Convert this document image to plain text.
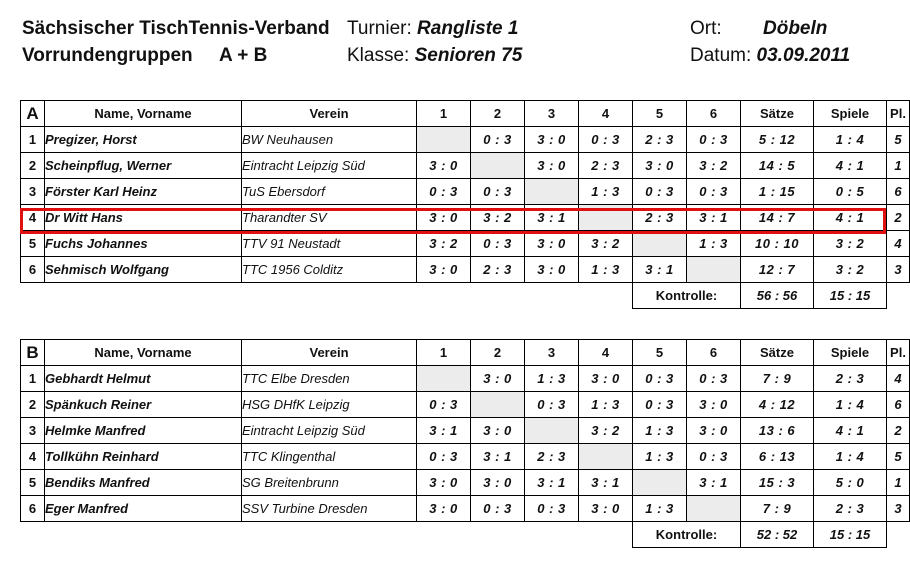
Sächsischer TischTennis-Verband
Vorrundengruppen A + B
Turnier: Rangliste 1
Klasse: Senioren 75
Ort: Döbeln
Datum: 03.09.2011
A	Name, Vorname	Verein	1	2	3	4	5	6	Sätze	Spiele	Pl.
1	Pregizer, Horst	BW Neuhausen		0 : 3	3 : 0	0 : 3	2 : 3	0 : 3	5 : 12	1 : 4	5
2	Scheinpflug, Werner	Eintracht Leipzig Süd	3 : 0		3 : 0	2 : 3	3 : 0	3 : 2	14 : 5	4 : 1	1
3	Förster Karl Heinz	TuS Ebersdorf	0 : 3	0 : 3		1 : 3	0 : 3	0 : 3	1 : 15	0 : 5	6
4	Dr Witt Hans	Tharandter SV	3 : 0	3 : 2	3 : 1		2 : 3	3 : 1	14 : 7	4 : 1	2
5	Fuchs Johannes	TTV 91 Neustadt	3 : 2	0 : 3	3 : 0	3 : 2		1 : 3	10 : 10	3 : 2	4
6	Sehmisch Wolfgang	TTC 1956 Colditz	3 : 0	2 : 3	3 : 0	1 : 3	3 : 1		12 : 7	3 : 2	3
							Kontrolle:		56 : 56	15 : 15	
B	Name, Vorname	Verein	1	2	3	4	5	6	Sätze	Spiele	Pl.
1	Gebhardt Helmut	TTC Elbe Dresden		3 : 0	1 : 3	3 : 0	0 : 3	0 : 3	7 : 9	2 : 3	4
2	Spänkuch Reiner	HSG DHfK Leipzig	0 : 3		0 : 3	1 : 3	0 : 3	3 : 0	4 : 12	1 : 4	6
3	Helmke Manfred	Eintracht Leipzig Süd	3 : 1	3 : 0		3 : 2	1 : 3	3 : 0	13 : 6	4 : 1	2
4	Tollkühn Reinhard	TTC Klingenthal	0 : 3	3 : 1	2 : 3		1 : 3	0 : 3	6 : 13	1 : 4	5
5	Bendiks Manfred	SG Breitenbrunn	3 : 0	3 : 0	3 : 1	3 : 1		3 : 1	15 : 3	5 : 0	1
6	Eger Manfred	SSV Turbine Dresden	3 : 0	0 : 3	0 : 3	3 : 0	1 : 3		7 : 9	2 : 3	3
							Kontrolle:		52 : 52	15 : 15	
